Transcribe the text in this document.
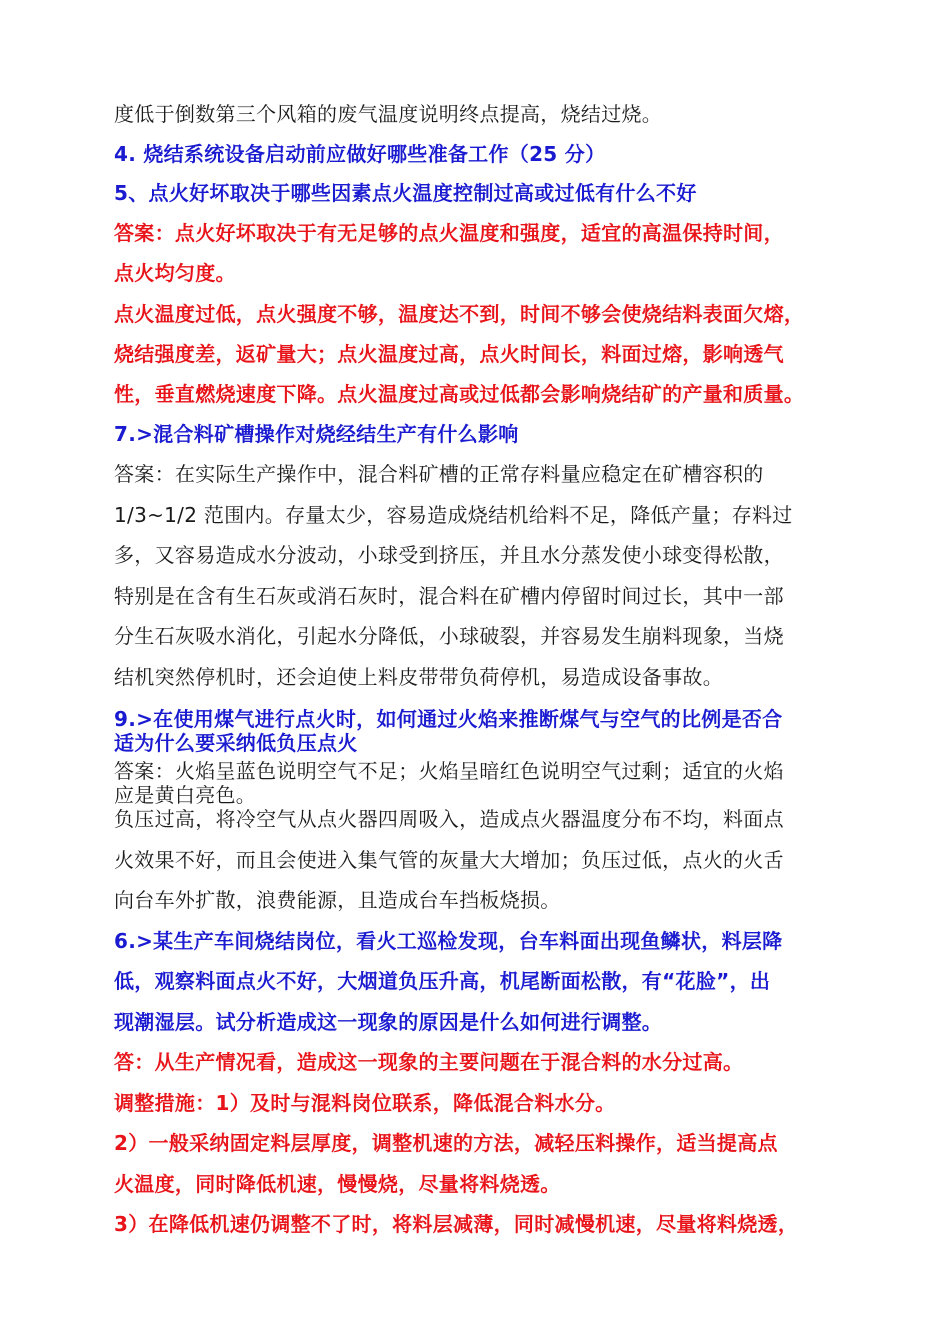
度低于倒数第三个风箱的废气温度说明终点提高，烧结过烧。
4. 烧结系统设备启动前应做好哪些准备工作（25 分）
5、点火好坏取决于哪些因素点火温度控制过高或过低有什么不好
答案：点火好坏取决于有无足够的点火温度和强度，适宜的高温保持时间，
点火均匀度。
点火温度过低，点火强度不够，温度达不到，时间不够会使烧结料表面欠熔，
烧结强度差，返矿量大；点火温度过高，点火时间长，料面过熔，影响透气
性，垂直燃烧速度下降。点火温度过高或过低都会影响烧结矿的产量和质量。
7.>混合料矿槽操作对烧经结生产有什么影响
答案：在实际生产操作中，混合料矿槽的正常存料量应稳定在矿槽容积的
1/3~1/2 范围内。存量太少，容易造成烧结机给料不足，降低产量；存料过
多，又容易造成水分波动，小球受到挤压，并且水分蒸发使小球变得松散，
特别是在含有生石灰或消石灰时，混合料在矿槽内停留时间过长，其中一部
分生石灰吸水消化，引起水分降低，小球破裂，并容易发生崩料现象，当烧
结机突然停机时，还会迫使上料皮带带负荷停机，易造成设备事故。
9.>在使用煤气进行点火时，如何通过火焰来推断煤气与空气的比例是否合
适为什么要采纳低负压点火
答案：火焰呈蓝色说明空气不足；火焰呈暗红色说明空气过剩；适宜的火焰
应是黄白亮色。
负压过高，将冷空气从点火器四周吸入，造成点火器温度分布不均，料面点
火效果不好，而且会使进入集气管的灰量大大增加；负压过低，点火的火舌
向台车外扩散，浪费能源，且造成台车挡板烧损。
6.>某生产车间烧结岗位，看火工巡检发现，台车料面出现鱼鳞状，料层降
低，观察料面点火不好，大烟道负压升高，机尾断面松散，有“花脸”，出
现潮湿层。试分析造成这一现象的原因是什么如何进行调整。
答：从生产情况看，造成这一现象的主要问题在于混合料的水分过高。
调整措施：1）及时与混料岗位联系，降低混合料水分。
2）一般采纳固定料层厚度，调整机速的方法，减轻压料操作，适当提高点
火温度，同时降低机速，慢慢烧，尽量将料烧透。
3）在降低机速仍调整不了时，将料层减薄，同时减慢机速，尽量将料烧透，
